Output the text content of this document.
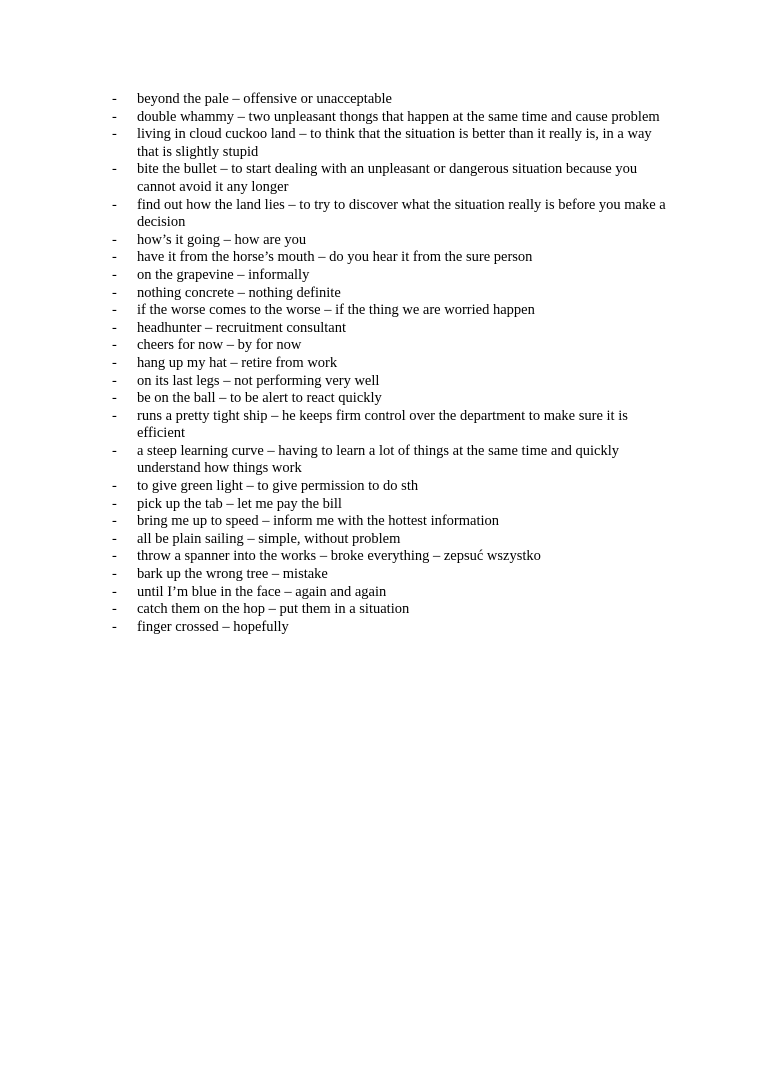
-	beyond the pale – offensive or unacceptable
-	double whammy – two unpleasant thongs that happen at the same time and cause problem
-	living in cloud cuckoo land – to think that the situation is better than it really is, in a way that is slightly stupid
-	bite the bullet – to start dealing with an unpleasant or dangerous situation because you cannot avoid it any longer
-	find out how the land lies – to try to discover what the situation really is before you make a decision
-	how’s it going – how are you
-	have it from the horse’s mouth – do you hear it from the sure person
-	on the grapevine – informally
-	nothing concrete – nothing definite
-	if the worse comes to the worse – if the thing we are worried happen
-	headhunter – recruitment consultant
-	cheers for now – by for now
-	hang up my hat – retire from work
-	on its last legs – not performing very well
-	be on the ball – to be alert to react quickly
-	runs a pretty tight ship – he keeps firm control over the department to make sure it is efficient
-	a steep learning curve – having to learn a lot of things at the same time and quickly understand how things work
-	to give green light – to give permission to do sth
-	pick up the tab – let me pay the bill
-	bring me up to speed – inform me with the hottest information
-	all be plain sailing – simple, without problem
-	throw a spanner into the works – broke everything – zepsuć wszystko
-	bark up the wrong tree – mistake
-	until I’m blue in the face – again and again
-	catch them on the hop – put them in a situation
-	finger crossed – hopefully
